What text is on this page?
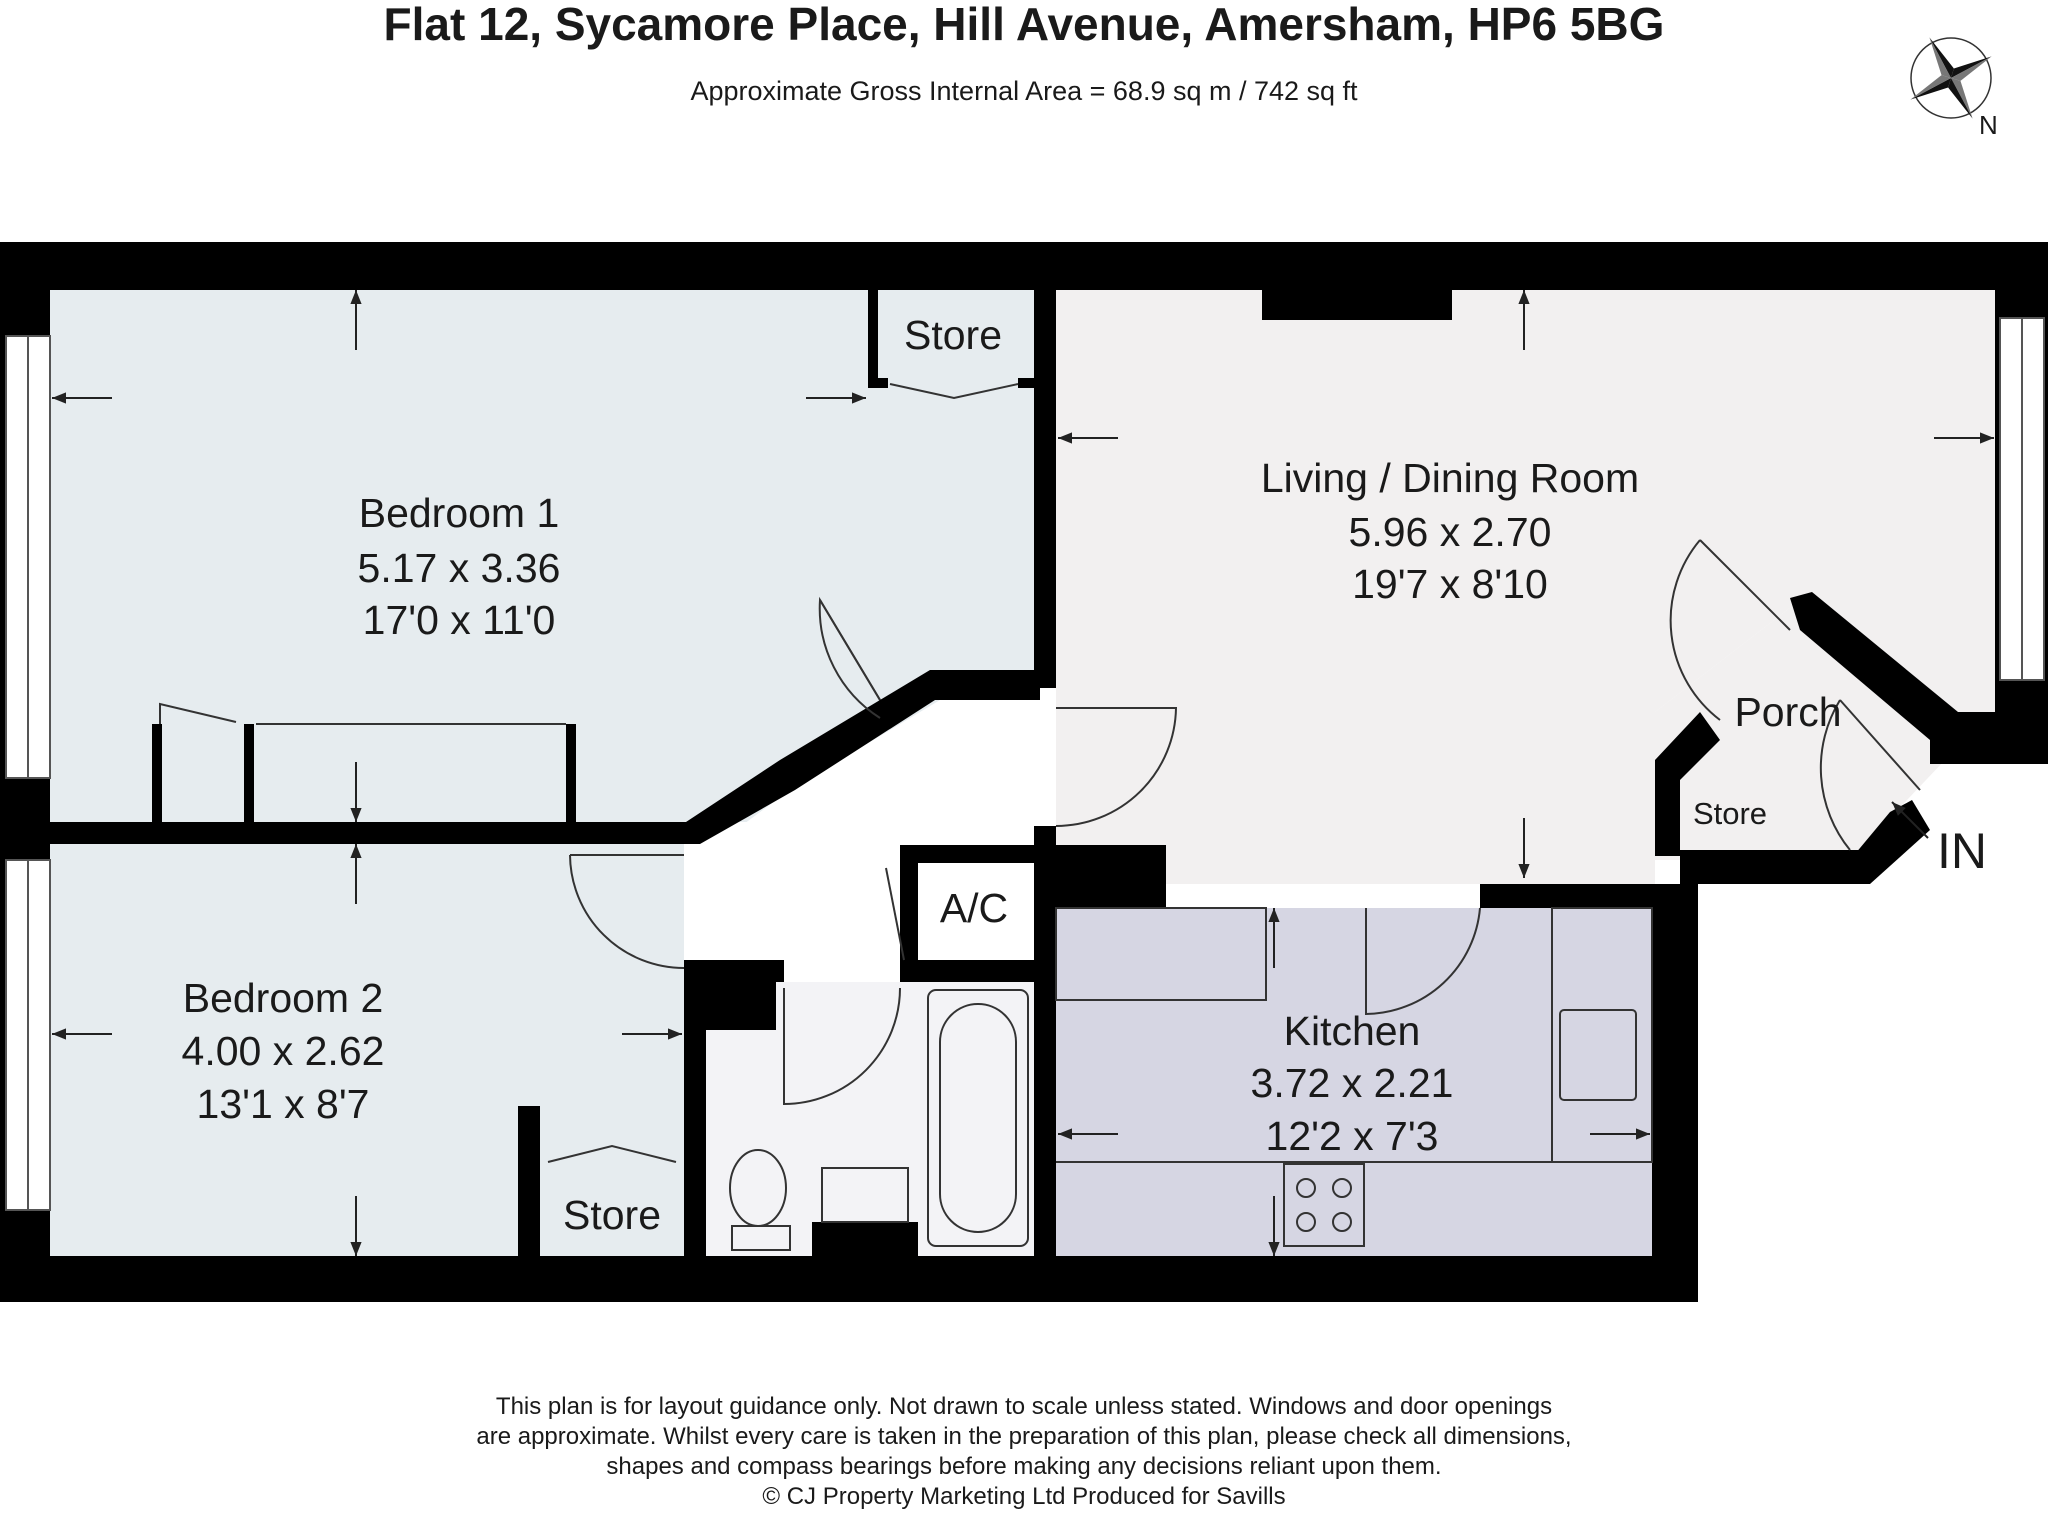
Flat 12, Sycamore Place, Hill Avenue, Amersham, HP6 5BG
Approximate Gross Internal Area = 68.9 sq m / 742 sq ft
N
Bedroom 1
5.17 x 3.36
17'0 x 11'0
Bedroom 2
4.00 x 2.62
13'1 x 8'7
Living / Dining Room
5.96 x 2.70
19'7 x 8'10
Kitchen
3.72 x 2.21
12'2 x 7'3
Porch
Store
Store
Store
A/C
IN
This plan is for layout guidance only. Not drawn to scale unless stated. Windows and door openings
are approximate. Whilst every care is taken in the preparation of this plan, please check all dimensions,
shapes and compass bearings before making any decisions reliant upon them.
© CJ Property Marketing Ltd Produced for Savills
